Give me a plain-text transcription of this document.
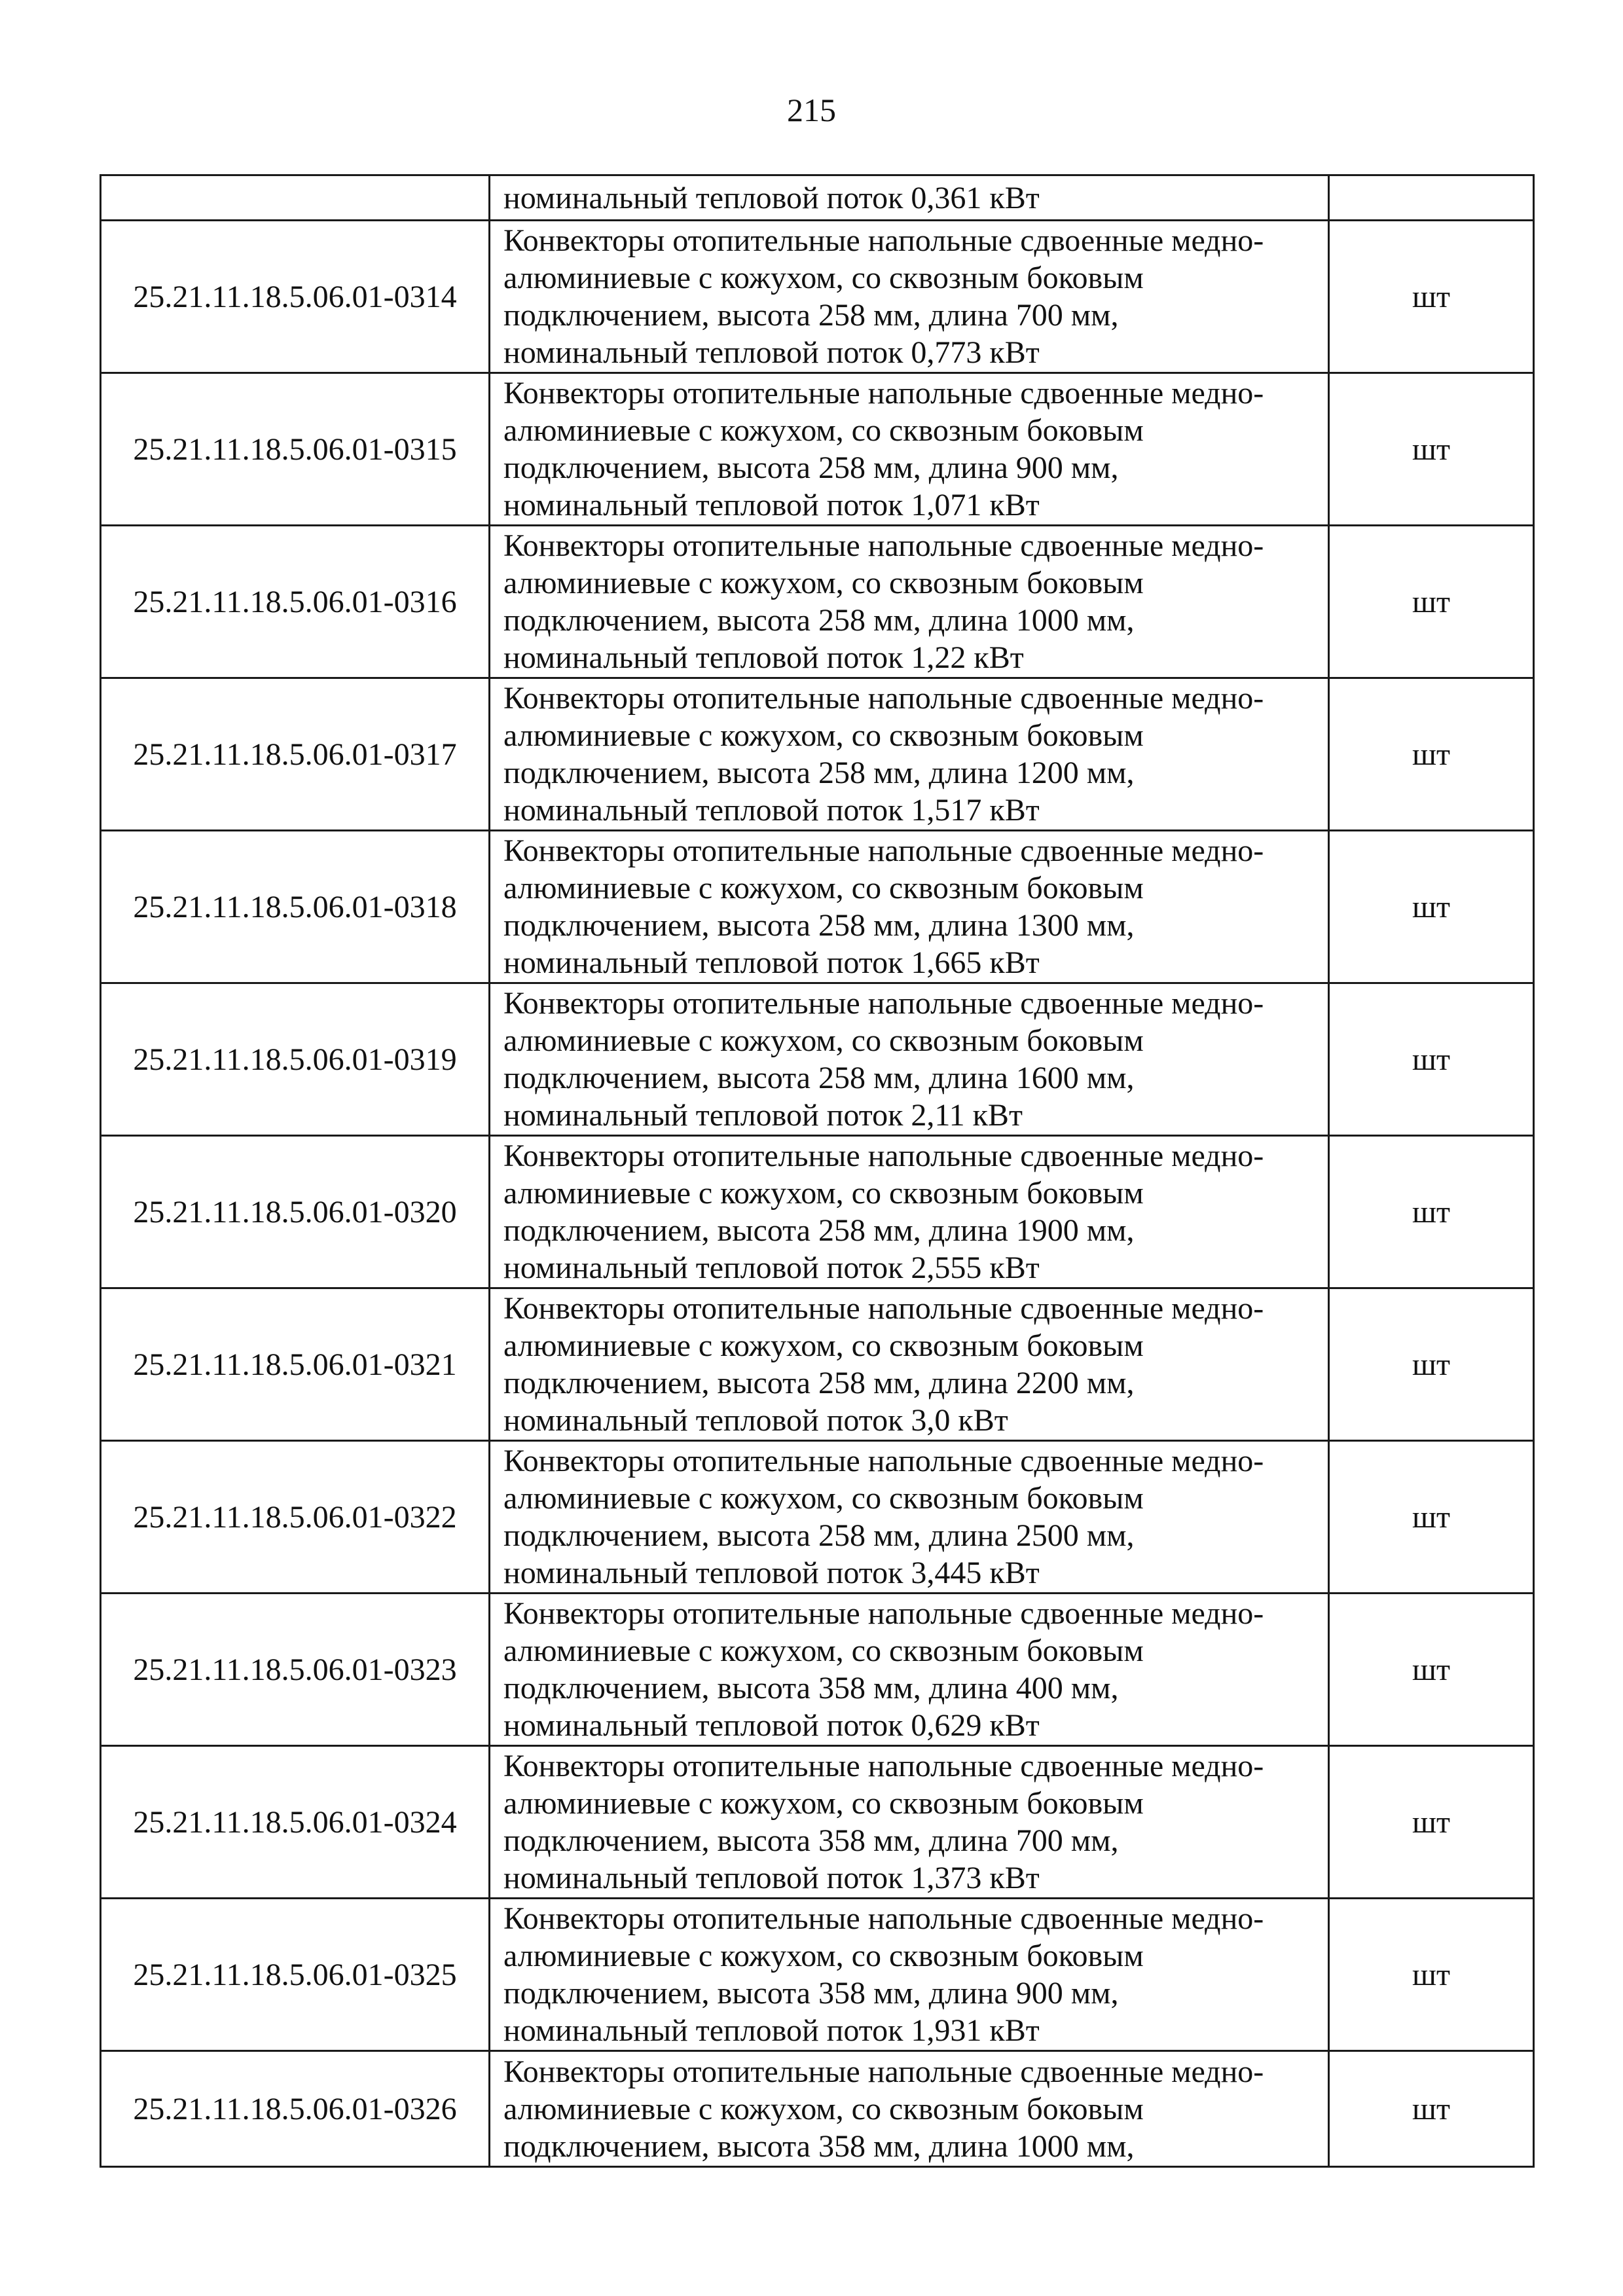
215

	номинальный тепловой поток 0,361 кВт	

25.21.11.18.5.06.01-0314	Конвекторы отопительные напольные сдвоенные медно-
алюминиевые с кожухом, со сквозным боковым
подключением, высота 258 мм, длина 700 мм,
номинальный тепловой поток 0,773 кВт	шт
25.21.11.18.5.06.01-0315	Конвекторы отопительные напольные сдвоенные медно-
алюминиевые с кожухом, со сквозным боковым
подключением, высота 258 мм, длина 900 мм,
номинальный тепловой поток 1,071 кВт	шт
25.21.11.18.5.06.01-0316	Конвекторы отопительные напольные сдвоенные медно-
алюминиевые с кожухом, со сквозным боковым
подключением, высота 258 мм, длина 1000 мм,
номинальный тепловой поток 1,22 кВт	шт
25.21.11.18.5.06.01-0317	Конвекторы отопительные напольные сдвоенные медно-
алюминиевые с кожухом, со сквозным боковым
подключением, высота 258 мм, длина 1200 мм,
номинальный тепловой поток 1,517 кВт	шт
25.21.11.18.5.06.01-0318	Конвекторы отопительные напольные сдвоенные медно-
алюминиевые с кожухом, со сквозным боковым
подключением, высота 258 мм, длина 1300 мм,
номинальный тепловой поток 1,665 кВт	шт
25.21.11.18.5.06.01-0319	Конвекторы отопительные напольные сдвоенные медно-
алюминиевые с кожухом, со сквозным боковым
подключением, высота 258 мм, длина 1600 мм,
номинальный тепловой поток 2,11 кВт	шт
25.21.11.18.5.06.01-0320	Конвекторы отопительные напольные сдвоенные медно-
алюминиевые с кожухом, со сквозным боковым
подключением, высота 258 мм, длина 1900 мм,
номинальный тепловой поток 2,555 кВт	шт
25.21.11.18.5.06.01-0321	Конвекторы отопительные напольные сдвоенные медно-
алюминиевые с кожухом, со сквозным боковым
подключением, высота 258 мм, длина 2200 мм,
номинальный тепловой поток 3,0 кВт	шт
25.21.11.18.5.06.01-0322	Конвекторы отопительные напольные сдвоенные медно-
алюминиевые с кожухом, со сквозным боковым
подключением, высота 258 мм, длина 2500 мм,
номинальный тепловой поток 3,445 кВт	шт
25.21.11.18.5.06.01-0323	Конвекторы отопительные напольные сдвоенные медно-
алюминиевые с кожухом, со сквозным боковым
подключением, высота 358 мм, длина 400 мм,
номинальный тепловой поток 0,629 кВт	шт
25.21.11.18.5.06.01-0324	Конвекторы отопительные напольные сдвоенные медно-
алюминиевые с кожухом, со сквозным боковым
подключением, высота 358 мм, длина 700 мм,
номинальный тепловой поток 1,373 кВт	шт
25.21.11.18.5.06.01-0325	Конвекторы отопительные напольные сдвоенные медно-
алюминиевые с кожухом, со сквозным боковым
подключением, высота 358 мм, длина 900 мм,
номинальный тепловой поток 1,931 кВт	шт
25.21.11.18.5.06.01-0326	Конвекторы отопительные напольные сдвоенные медно-
алюминиевые с кожухом, со сквозным боковым
подключением, высота 358 мм, длина 1000 мм,	шт
